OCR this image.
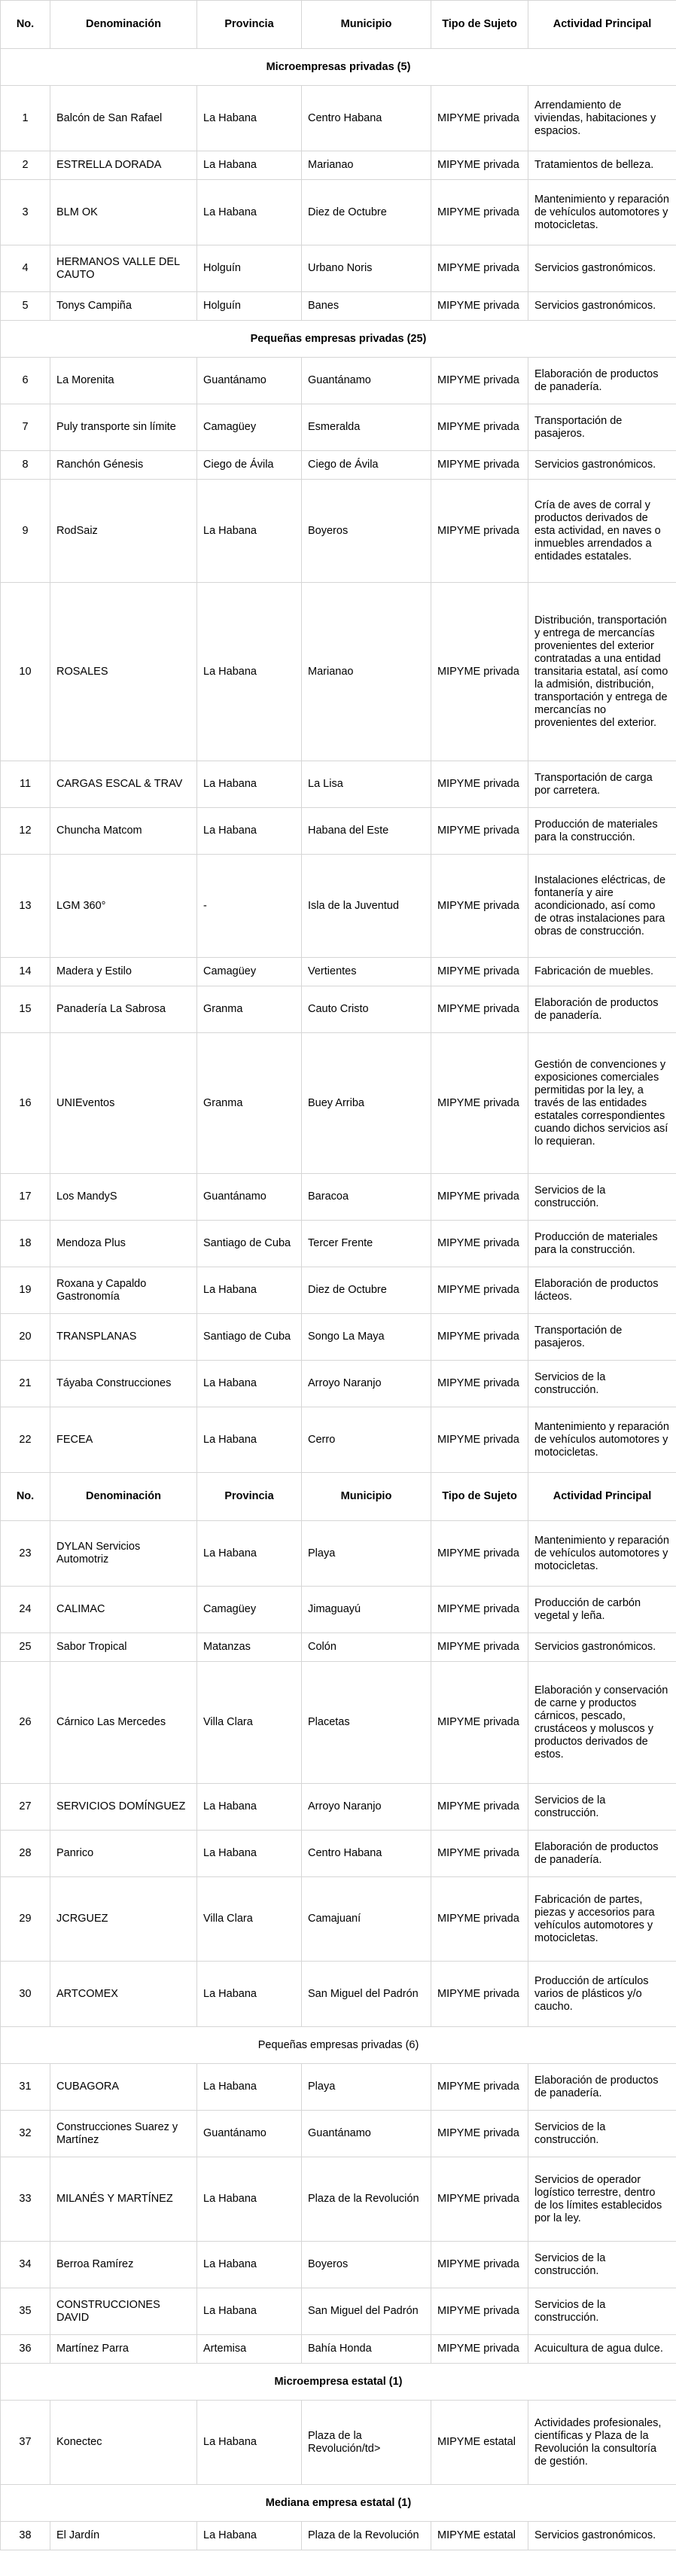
No.	Denominación	Provincia	Municipio	Tipo de Sujeto	Actividad Principal
Microempresas privadas (5)					
1	Balcón de San Rafael	La Habana	Centro Habana	MIPYME privada	Arrendamiento de viviendas, habitaciones y espacios.
2	ESTRELLA DORADA	La Habana	Marianao	MIPYME privada	Tratamientos de belleza.
3	BLM OK	La Habana	Diez de Octubre	MIPYME privada	Mantenimiento y reparación de vehículos automotores y motocicletas.
4	HERMANOS VALLE DEL CAUTO	Holguín	Urbano Noris	MIPYME privada	Servicios gastronómicos.
5	Tonys Campiña	Holguín	Banes	MIPYME privada	Servicios gastronómicos.
Pequeñas empresas privadas (25)					
6	La Morenita	Guantánamo	Guantánamo	MIPYME privada	Elaboración de productos de panadería.
7	Puly transporte sin límite	Camagüey	Esmeralda	MIPYME privada	Transportación de pasajeros.
8	Ranchón Génesis	Ciego de Ávila	Ciego de Ávila	MIPYME privada	Servicios gastronómicos.
9	RodSaiz	La Habana	Boyeros	MIPYME privada	Cría de aves de corral y productos derivados de esta actividad, en naves o inmuebles arrendados a entidades estatales.
10	ROSALES	La Habana	Marianao	MIPYME privada	Distribución, transportación y entrega de mercancías provenientes del exterior contratadas a una entidad transitaria estatal, así como la admisión, distribución, transportación y entrega de mercancías no provenientes del exterior.
11	CARGAS ESCAL & TRAV	La Habana	La Lisa	MIPYME privada	Transportación de carga por carretera.
12	Chuncha Matcom	La Habana	Habana del Este	MIPYME privada	Producción de materiales para la construcción.
13	LGM 360°	-	Isla de la Juventud	MIPYME privada	Instalaciones eléctricas, de fontanería y aire acondicionado, así como de otras instalaciones para obras de construcción.
14	Madera y Estilo	Camagüey	Vertientes	MIPYME privada	Fabricación de muebles.
15	Panadería La Sabrosa	Granma	Cauto Cristo	MIPYME privada	Elaboración de productos de panadería.
16	UNIEventos	Granma	Buey Arriba	MIPYME privada	Gestión de convenciones y exposiciones comerciales permitidas por la ley, a través de las entidades estatales correspondientes cuando dichos servicios así lo requieran.
17	Los MandyS	Guantánamo	Baracoa	MIPYME privada	Servicios de la construcción.
18	Mendoza Plus	Santiago de Cuba	Tercer Frente	MIPYME privada	Producción de materiales para la construcción.
19	Roxana y Capaldo Gastronomía	La Habana	Diez de Octubre	MIPYME privada	Elaboración de productos lácteos.
20	TRANSPLANAS	Santiago de Cuba	Songo La Maya	MIPYME privada	Transportación de pasajeros.
21	Táyaba Construcciones	La Habana	Arroyo Naranjo	MIPYME privada	Servicios de la construcción.
22	FECEA	La Habana	Cerro	MIPYME privada	Mantenimiento y reparación de vehículos automotores y motocicletas.
No.	Denominación	Provincia	Municipio	Tipo de Sujeto	Actividad Principal
23	DYLAN Servicios Automotriz	La Habana	Playa	MIPYME privada	Mantenimiento y reparación de vehículos automotores y motocicletas.
24	CALIMAC	Camagüey	Jimaguayú	MIPYME privada	Producción de carbón vegetal y leña.
25	Sabor Tropical	Matanzas	Colón	MIPYME privada	Servicios gastronómicos.
26	Cárnico Las Mercedes	Villa Clara	Placetas	MIPYME privada	Elaboración y conservación de carne y productos cárnicos, pescado, crustáceos y moluscos y productos derivados de estos.
27	SERVICIOS DOMÍNGUEZ	La Habana	Arroyo Naranjo	MIPYME privada	Servicios de la construcción.
28	Panrico	La Habana	Centro Habana	MIPYME privada	Elaboración de productos de panadería.
29	JCRGUEZ	Villa Clara	Camajuaní	MIPYME privada	Fabricación de partes, piezas y accesorios para vehículos automotores y motocicletas.
30	ARTCOMEX	La Habana	San Miguel del Padrón	MIPYME privada	Producción de artículos varios de plásticos y/o caucho.
Pequeñas empresas privadas (6)					
31	CUBAGORA	La Habana	Playa	MIPYME privada	Elaboración de productos de panadería.
32	Construcciones Suarez y Martínez	Guantánamo	Guantánamo	MIPYME privada	Servicios de la construcción.
33	MILANÉS Y MARTÍNEZ	La Habana	Plaza de la Revolución	MIPYME privada	Servicios de operador logístico terrestre, dentro de los límites establecidos por la ley.
34	Berroa Ramírez	La Habana	Boyeros	MIPYME privada	Servicios de la construcción.
35	CONSTRUCCIONES DAVID	La Habana	San Miguel del Padrón	MIPYME privada	Servicios de la construcción.
36	Martínez Parra	Artemisa	Bahía Honda	MIPYME privada	Acuicultura de agua dulce.
Microempresa estatal (1)					
37	Konectec	La Habana	Plaza de la Revolución/td>	MIPYME estatal	Actividades profesionales, científicas y Plaza de la Revolución la consultoría de gestión.
Mediana empresa estatal (1)					
38	El Jardín	La Habana	Plaza de la Revolución	MIPYME estatal	Servicios gastronómicos.
